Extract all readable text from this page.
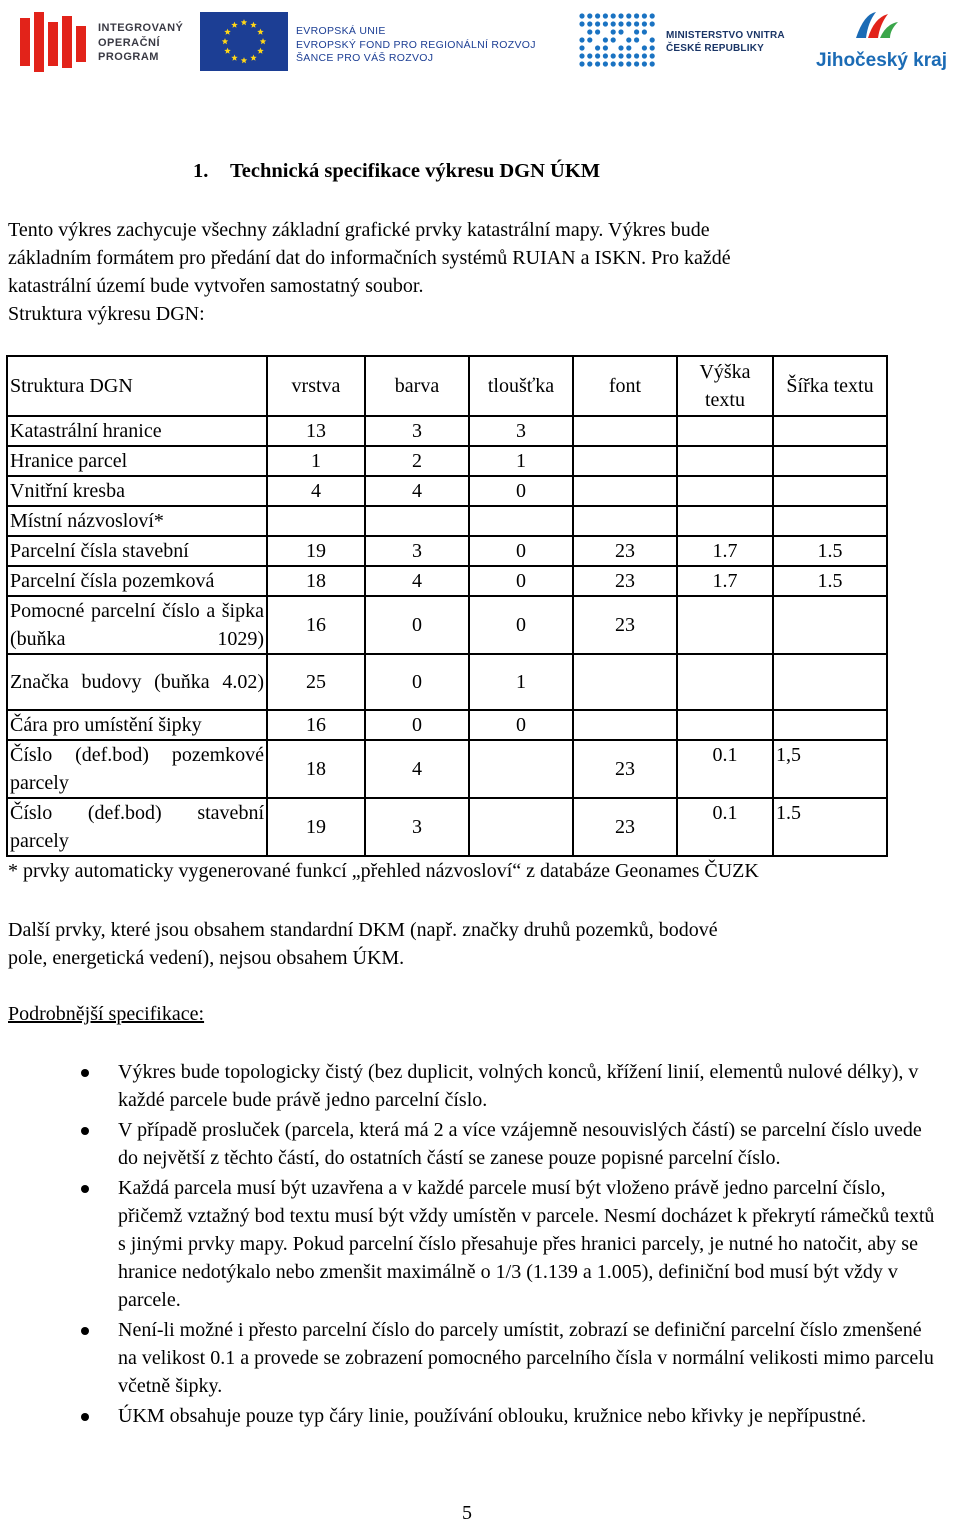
INTEGROVANÝ
OPERAČNÍ
PROGRAM
EVROPSKÁ UNIE
EVROPSKÝ FOND PRO REGIONÁLNÍ ROZVOJ
ŠANCE PRO VÁŠ ROZVOJ
MINISTERSTVO VNITRA
ČESKÉ REPUBLIKY
Jihočeský kraj
1. Technická specifikace výkresu DGN ÚKM
Tento výkres zachycuje všechny základní grafické prvky katastrální mapy. Výkres bude
základním formátem pro předání dat do informačních systémů RUIAN a ISKN. Pro každé
katastrální území bude vytvořen samostatný soubor.
Struktura výkresu DGN:
Struktura DGN	vrstva	barva	tloušťka	font	Výška textu	Šířka textu
Katastrální hranice	13	3	3			
Hranice parcel	1	2	1			
Vnitřní kresba	4	4	0			
Místní názvosloví*						
Parcelní čísla stavební	19	3	0	23	1.7	1.5
Parcelní čísla pozemková	18	4	0	23	1.7	1.5
Pomocné parcelní číslo a šipka (buňka 1029)	16	0	0	23		
Značka budovy (buňka 4.02)	25	0	1			
Čára pro umístění šipky	16	0	0			
Číslo (def.bod) pozemkové parcely	18	4		23	0.1	1,5
Číslo (def.bod) stavební parcely	19	3		23	0.1	1.5
* prvky automaticky vygenerované funkcí „přehled názvosloví“ z databáze Geonames ČUZK
Další prvky, které jsou obsahem standardní DKM (např. značky druhů pozemků, bodové
pole, energetická vedení), nejsou obsahem ÚKM.
Podrobnější specifikace:
Výkres bude topologicky čistý (bez duplicit, volných konců, křížení linií, elementů nulové délky), v každé parcele bude právě jedno parcelní číslo.
V případě prosluček (parcela, která má 2 a více vzájemně nesouvislých částí) se parcelní číslo uvede do největší z těchto částí, do ostatních částí se zanese pouze popisné parcelní číslo.
Každá parcela musí být uzavřena a v každé parcele musí být vloženo právě jedno parcelní číslo, přičemž vztažný bod textu musí být vždy umístěn v parcele. Nesmí docházet k překrytí rámečků textů s jinými prvky mapy. Pokud parcelní číslo přesahuje přes hranici parcely, je nutné ho natočit, aby se hranice nedotýkalo nebo zmenšit maximálně o 1/3 (1.139 a 1.005), definiční bod musí být vždy v parcele.
Není-li možné i přesto parcelní číslo do parcely umístit, zobrazí se definiční parcelní číslo zmenšené na velikost 0.1 a provede se zobrazení pomocného parcelního čísla v normální velikosti mimo parcelu včetně šipky.
ÚKM obsahuje pouze typ čáry linie, používání oblouku, kružnice nebo křivky je nepřípustné.
5
